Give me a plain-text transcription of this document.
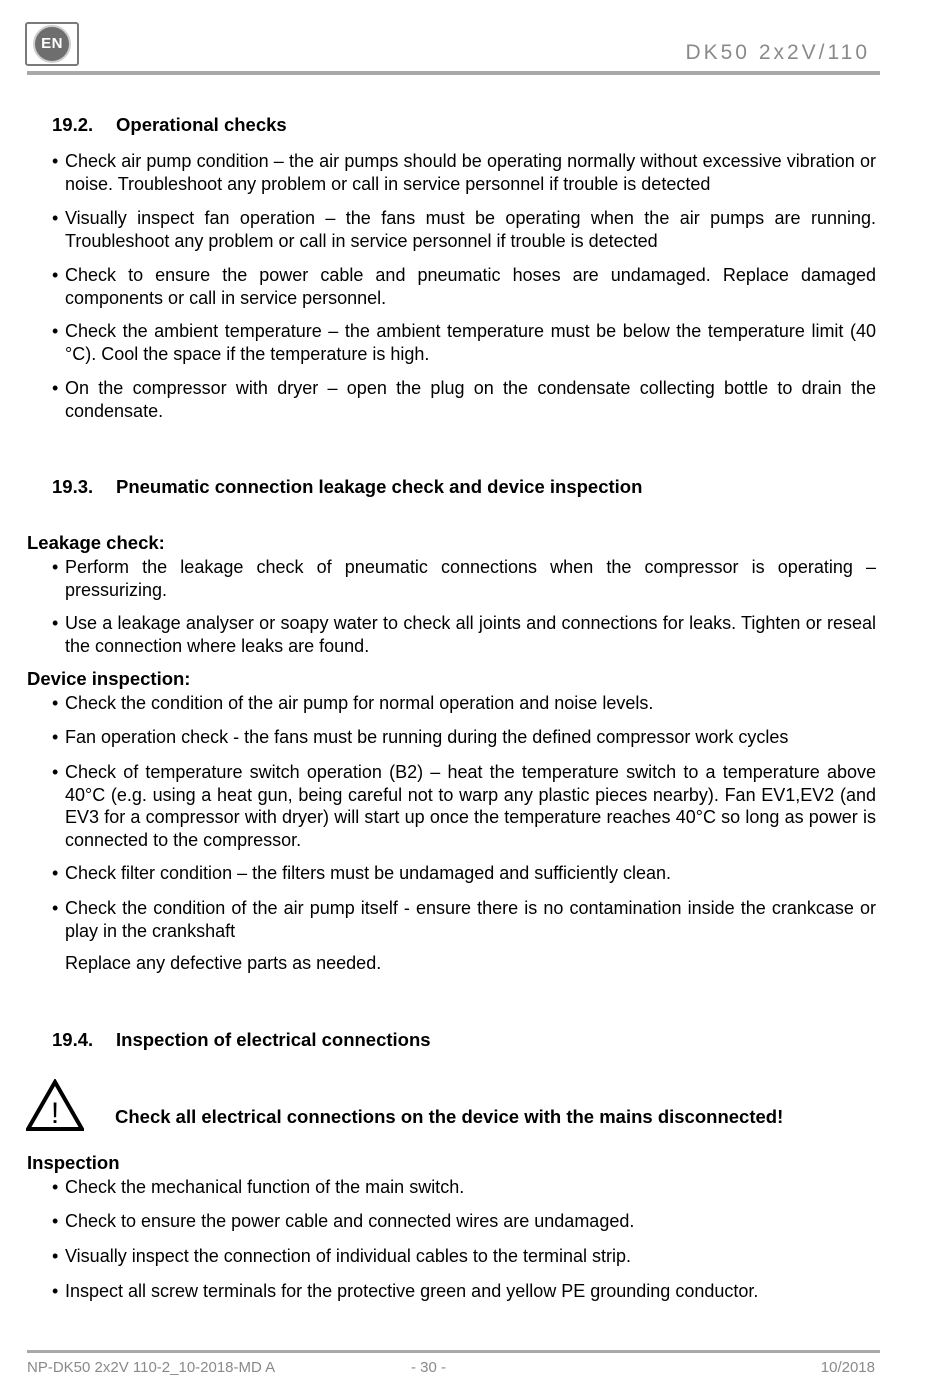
EN	DK50 2x2V/110
19.2. Operational checks
• Check air pump condition – the air pumps should be operating normally without excessive vibration or noise. Troubleshoot any problem or call in service personnel if trouble is detected
• Visually inspect fan operation – the fans must be operating when the air pumps are running. Troubleshoot any problem or call in service personnel if trouble is detected
• Check to ensure the power cable and pneumatic hoses are undamaged. Replace damaged components or call in service personnel.
• Check the ambient temperature – the ambient temperature must be below the temperature limit (40 °C). Cool the space if the temperature is high.
• On the compressor with dryer – open the plug on the condensate collecting bottle to drain the condensate.
19.3. Pneumatic connection leakage check and device inspection
Leakage check:
• Perform the leakage check of pneumatic connections when the compressor is operating – pressurizing.
• Use a leakage analyser or soapy water to check all joints and connections for leaks. Tighten or reseal the connection where leaks are found.
Device inspection:
• Check the condition of the air pump for normal operation and noise levels.
• Fan operation check - the fans must be running during the defined compressor work cycles
• Check of temperature switch operation (B2) – heat the temperature switch to a temperature above 40°C (e.g. using a heat gun, being careful not to warp any plastic pieces nearby). Fan EV1,EV2 (and EV3 for a compressor with dryer) will start up once the temperature reaches 40°C so long as power is connected to the compressor.
• Check filter condition – the filters must be undamaged and sufficiently clean.
• Check the condition of the air pump itself - ensure there is no contamination inside the crankcase or play in the crankshaft
Replace any defective parts as needed.
19.4. Inspection of electrical connections
!	Check all electrical connections on the device with the mains disconnected!
Inspection
• Check the mechanical function of the main switch.
• Check to ensure the power cable and connected wires are undamaged.
• Visually inspect the connection of individual cables to the terminal strip.
• Inspect all screw terminals for the protective green and yellow PE grounding conductor.
NP-DK50 2x2V 110-2_10-2018-MD A	- 30 -	10/2018
